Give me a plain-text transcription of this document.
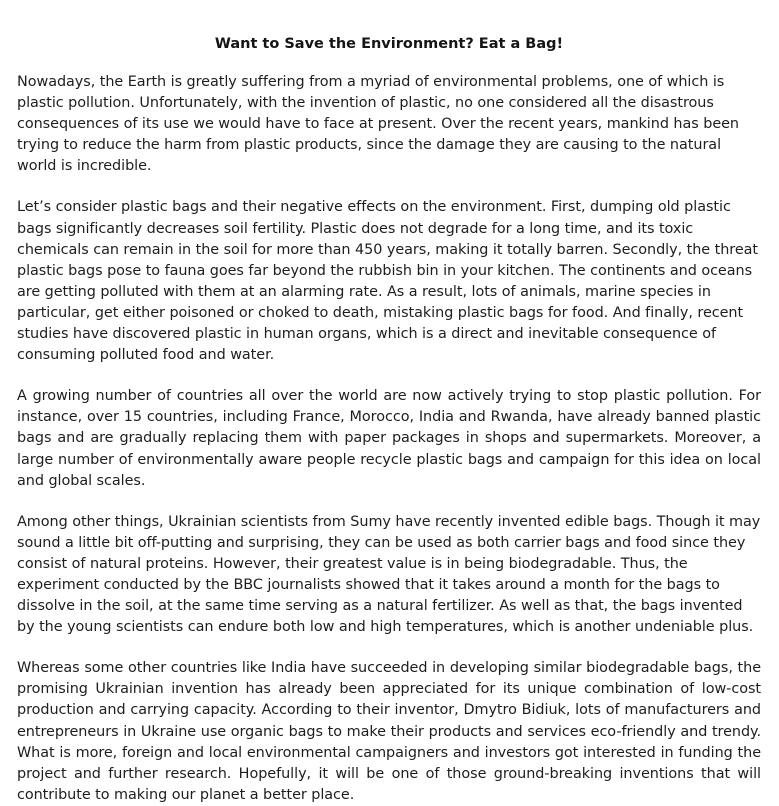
Want to Save the Environment? Eat a Bag!

Nowadays, the Earth is greatly suffering from a myriad of environmental problems, one of which is plastic pollution. Unfortunately, with the invention of plastic, no one considered all the disastrous consequences of its use we would have to face at present. Over the recent years, mankind has been trying to reduce the harm from plastic products, since the damage they are causing to the natural world is incredible.

Let’s consider plastic bags and their negative effects on the environment. First, dumping old plastic bags significantly decreases soil fertility. Plastic does not degrade for a long time, and its toxic chemicals can remain in the soil for more than 450 years, making it totally barren. Secondly, the threat plastic bags pose to fauna goes far beyond the rubbish bin in your kitchen. The continents and oceans are getting polluted with them at an alarming rate. As a result, lots of animals, marine species in particular, get either poisoned or choked to death, mistaking plastic bags for food. And finally, recent studies have discovered plastic in human organs, which is a direct and inevitable consequence of consuming polluted food and water.

A growing number of countries all over the world are now actively trying to stop plastic pollution. For instance, over 15 countries, including France, Morocco, India and Rwanda, have already banned plastic bags and are gradually replacing them with paper packages in shops and supermarkets. Moreover, a large number of environmentally aware people recycle plastic bags and campaign for this idea on local and global scales.

Among other things, Ukrainian scientists from Sumy have recently invented edible bags. Though it may sound a little bit off-putting and surprising, they can be used as both carrier bags and food since they consist of natural proteins. However, their greatest value is in being biodegradable. Thus, the experiment conducted by the BBC journalists showed that it takes around a month for the bags to dissolve in the soil, at the same time serving as a natural fertilizer. As well as that, the bags invented by the young scientists can endure both low and high temperatures, which is another undeniable plus.

Whereas some other countries like India have succeeded in developing similar biodegradable bags, the promising Ukrainian invention has already been appreciated for its unique combination of low-cost production and carrying capacity. According to their inventor, Dmytro Bidiuk, lots of manufacturers and entrepreneurs in Ukraine use organic bags to make their products and services eco-friendly and trendy. What is more, foreign and local environmental campaigners and investors got interested in funding the project and further research. Hopefully, it will be one of those ground-breaking inventions that will contribute to making our planet a better place.
